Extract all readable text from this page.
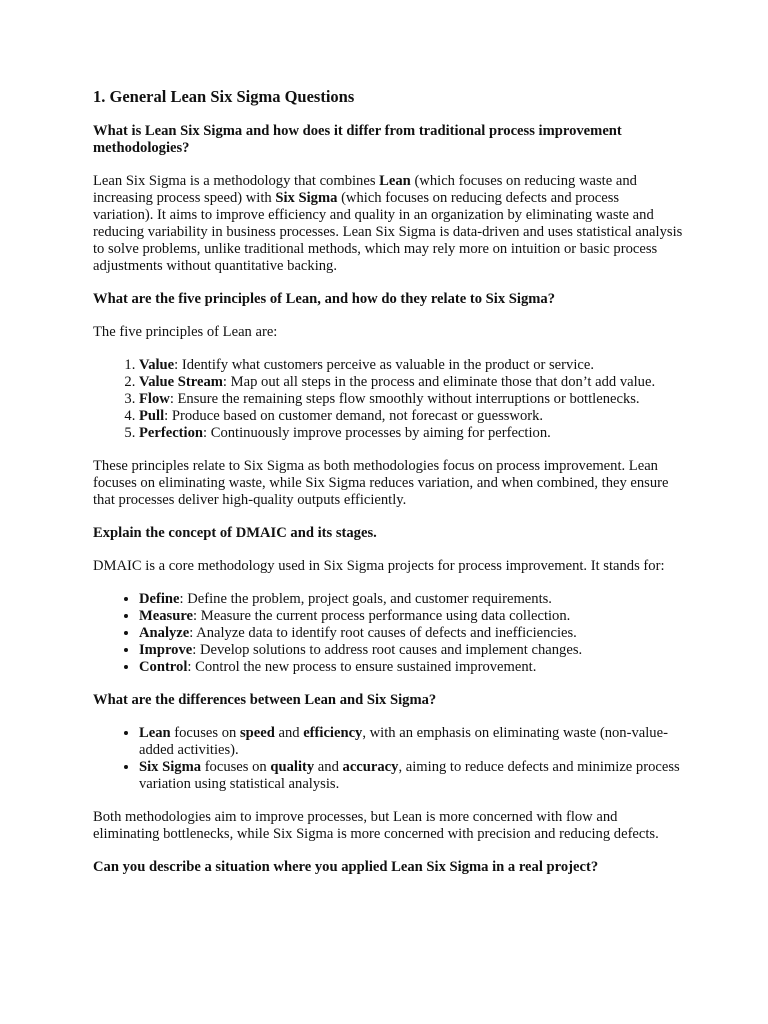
1. General Lean Six Sigma Questions
What is Lean Six Sigma and how does it differ from traditional process improvement methodologies?

Lean Six Sigma is a methodology that combines Lean (which focuses on reducing waste and increasing process speed) with Six Sigma (which focuses on reducing defects and process variation). It aims to improve efficiency and quality in an organization by eliminating waste and reducing variability in business processes. Lean Six Sigma is data-driven and uses statistical analysis to solve problems, unlike traditional methods, which may rely more on intuition or basic process adjustments without quantitative backing.

What are the five principles of Lean, and how do they relate to Six Sigma?

The five principles of Lean are:

1. Value: Identify what customers perceive as valuable in the product or service.
2. Value Stream: Map out all steps in the process and eliminate those that don’t add value.
3. Flow: Ensure the remaining steps flow smoothly without interruptions or bottlenecks.
4. Pull: Produce based on customer demand, not forecast or guesswork.
5. Perfection: Continuously improve processes by aiming for perfection.

These principles relate to Six Sigma as both methodologies focus on process improvement. Lean focuses on eliminating waste, while Six Sigma reduces variation, and when combined, they ensure that processes deliver high-quality outputs efficiently.

Explain the concept of DMAIC and its stages.

DMAIC is a core methodology used in Six Sigma projects for process improvement. It stands for:

• Define: Define the problem, project goals, and customer requirements.
• Measure: Measure the current process performance using data collection.
• Analyze: Analyze data to identify root causes of defects and inefficiencies.
• Improve: Develop solutions to address root causes and implement changes.
• Control: Control the new process to ensure sustained improvement.
What are the differences between Lean and Six Sigma?
• Lean focuses on speed and efficiency, with an emphasis on eliminating waste (non-value-added activities).
• Six Sigma focuses on quality and accuracy, aiming to reduce defects and minimize process variation using statistical analysis.

Both methodologies aim to improve processes, but Lean is more concerned with flow and eliminating bottlenecks, while Six Sigma is more concerned with precision and reducing defects.

Can you describe a situation where you applied Lean Six Sigma in a real project?
